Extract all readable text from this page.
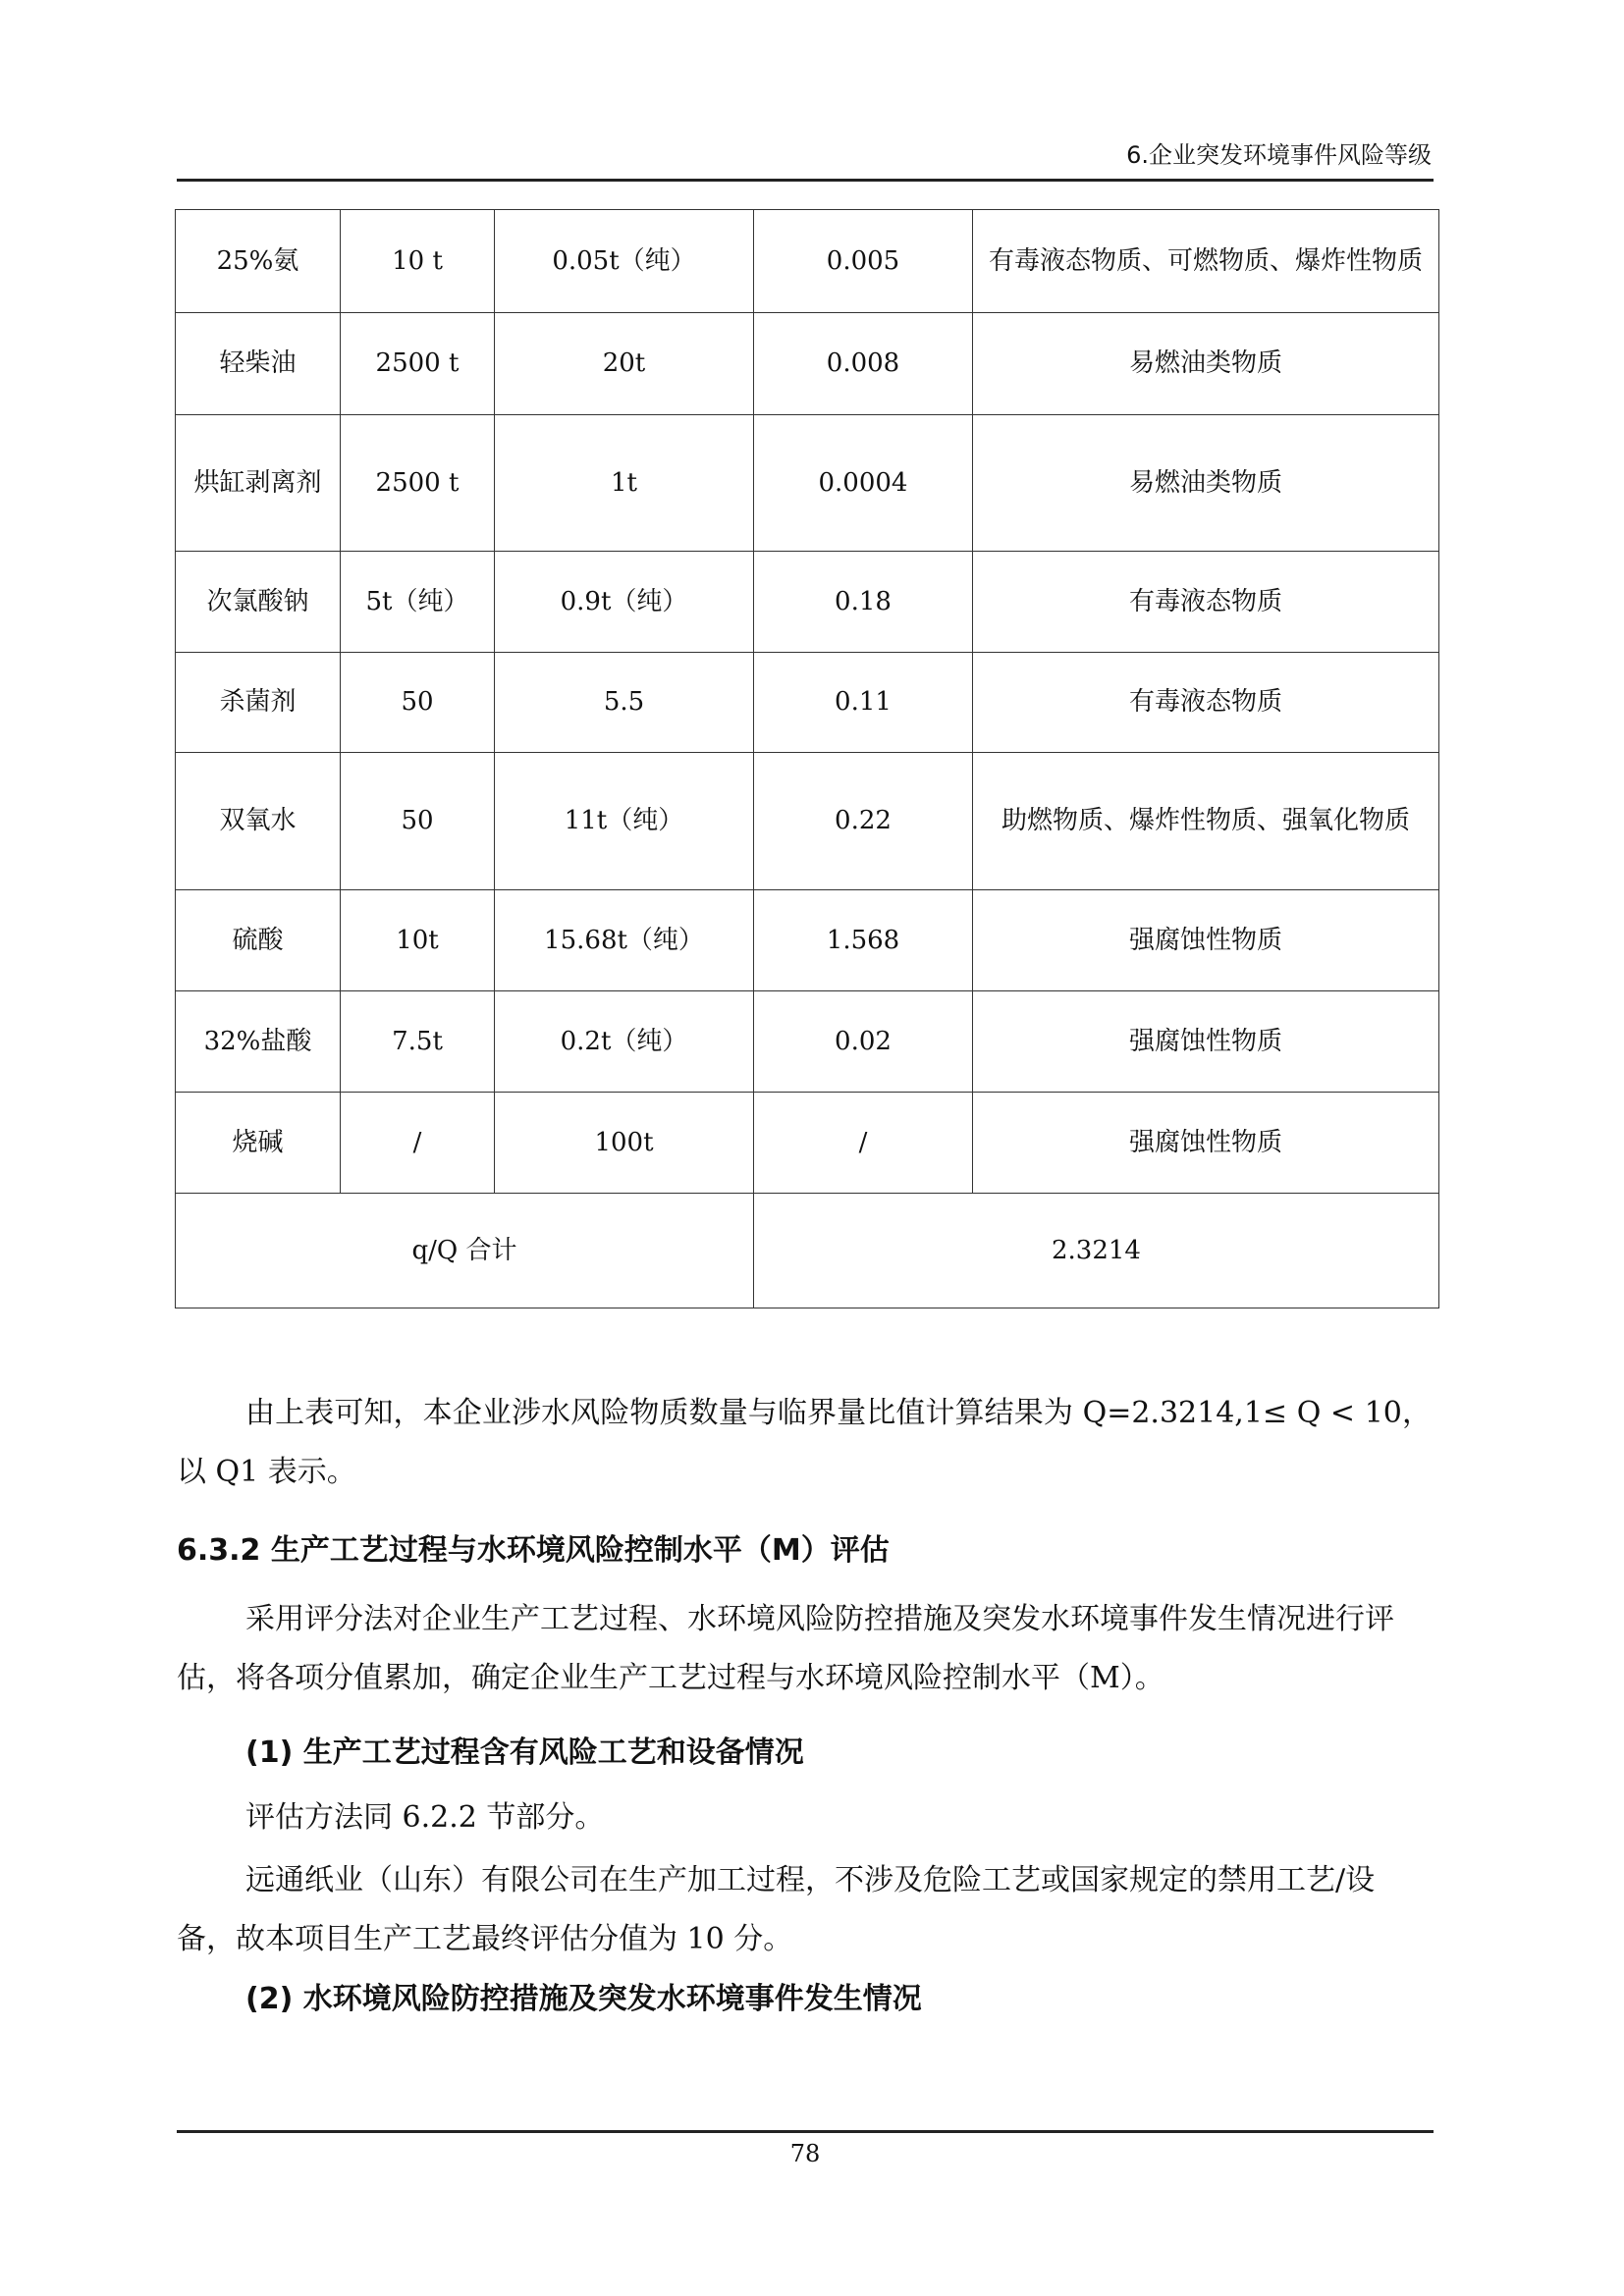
6.企业突发环境事件风险等级
25%氨	10 t	0.05t（纯）	0.005	有毒液态物质、可燃物质、爆炸性物质
轻柴油	2500 t	20t	0.008	易燃油类物质
烘缸剥离剂	2500 t	1t	0.0004	易燃油类物质
次氯酸钠	5t（纯）	0.9t（纯）	0.18	有毒液态物质
杀菌剂	50	5.5	0.11	有毒液态物质
双氧水	50	11t（纯）	0.22	助燃物质、爆炸性物质、强氧化物质
硫酸	10t	15.68t（纯）	1.568	强腐蚀性物质
32%盐酸	7.5t	0.2t（纯）	0.02	强腐蚀性物质
烧碱	/	100t	/	强腐蚀性物质
q/Q 合计			2.3214	
由上表可知，本企业涉水风险物质数量与临界量比值计算结果为 Q=2.3214,1≤ Q < 10，以 Q1 表示。
6.3.2 生产工艺过程与水环境风险控制水平（M）评估
采用评分法对企业生产工艺过程、水环境风险防控措施及突发水环境事件发生情况进行评估，将各项分值累加，确定企业生产工艺过程与水环境风险控制水平（M）。
(1) 生产工艺过程含有风险工艺和设备情况
评估方法同 6.2.2 节部分。
远通纸业（山东）有限公司在生产加工过程，不涉及危险工艺或国家规定的禁用工艺/设备，故本项目生产工艺最终评估分值为 10 分。
(2) 水环境风险防控措施及突发水环境事件发生情况
78
